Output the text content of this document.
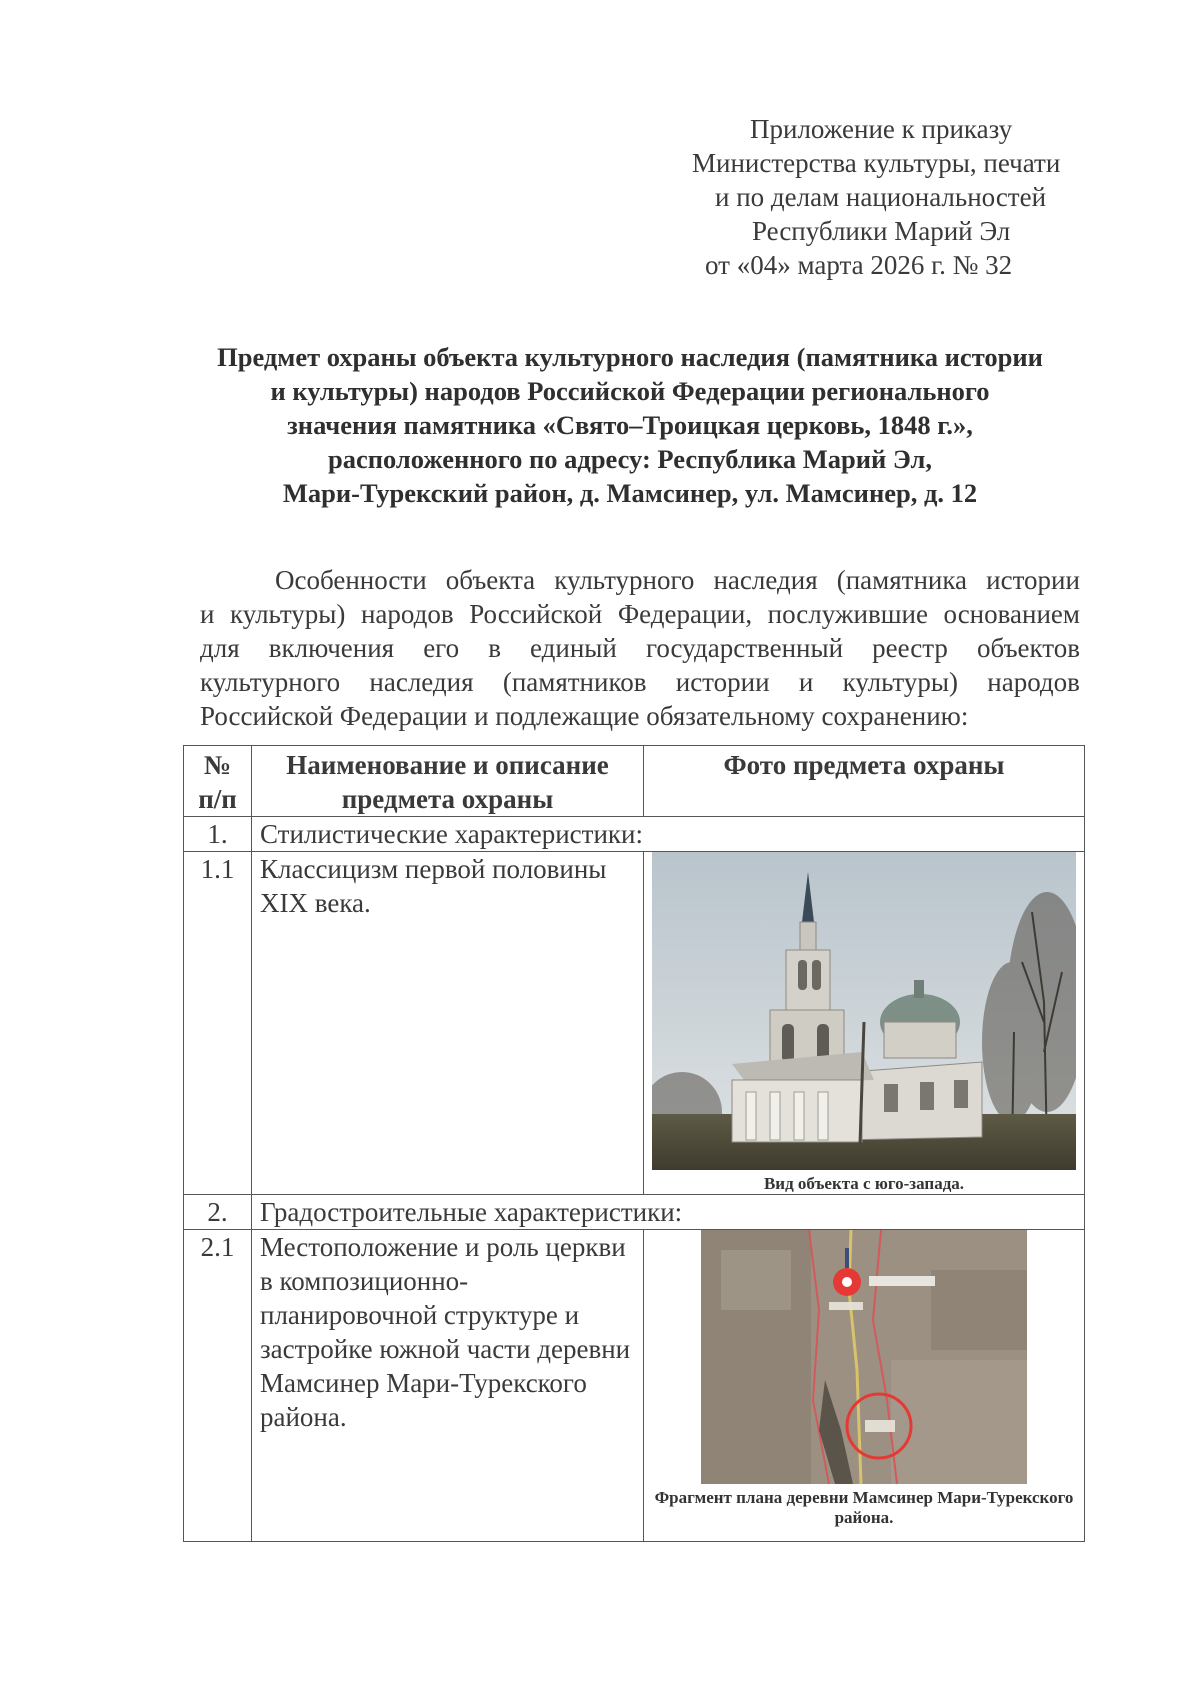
Приложение к приказу
Министерства культуры, печати
и по делам национальностей
Республики Марий Эл
от «04» марта 2026 г. № 32
Предмет охраны объекта культурного наследия (памятника истории
и культуры) народов Российской Федерации регионального
значения памятника «Свято–Троицкая церковь, 1848 г.»,
расположенного по адресу: Республика Марий Эл,
Мари-Турекский район, д. Мамсинер, ул. Мамсинер, д. 12
Особенности объекта культурного наследия (памятника истории
и культуры) народов Российской Федерации, послужившие основанием
для включения его в единый государственный реестр объектов
культурного наследия (памятников истории и культуры) народов
Российской Федерации и подлежащие обязательному сохранению:
№ п/п	Наименование и описание предмета охраны	Фото предмета охраны
1.	Стилистические характеристики:	
1.1	Классицизм первой половины XIX века.	Вид объекта с юго-запада.

2.	Градостроительные характеристики:	
2.1	Местоположение и роль церкви в композиционно-планировочной структуре и застройке южной части деревни Мамсинер Мари-Турекского района.	Фрагмент плана деревни Мамсинер Мари-Турекского района.
